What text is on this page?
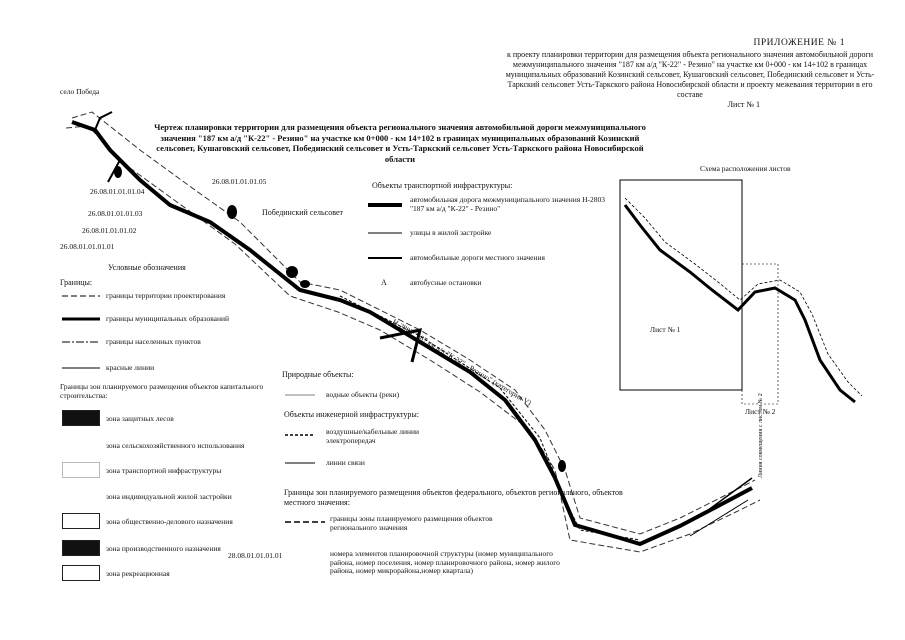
ПРИЛОЖЕНИЕ № 1
к проекту планировки территории для размещения объекта регионального значения автомобильной дороги межмуниципального значения "187 км а/д "К-22" - Резино" на участке км 0+000 - км 14+102 в границах муниципальных образований Козинский сельсовет, Кушаговский сельсовет, Побединский сельсовет и Усть-Таркский сельсовет Усть-Таркского района Новосибирской области и проекту межевания территории в его составе
Лист № 1
Чертеж планировки территории для размещения объекта регионального значения автомобильной дороги межмуниципального значения "187 км а/д "К-22" - Резино" на участке км 0+000 - км 14+102 в границах муниципальных образований Козинский сельсовет, Кушаговский сельсовет, Побединский сельсовет и Усть-Таркский сельсовет Усть-Таркского района Новосибирской области
село Победа
Побединский сельсовет
Н-2803 "187 км а/д "К-22" - Резино" (категория V)
26.08.01.01.01.05
26.08.01.01.01.04
26.08.01.01.01.03
26.08.01.01.01.02
26.08.01.01.01.01
Линия совмещения с листом № 2
Условные обозначения
Границы:
границы территории проектирования
границы муниципальных образований
границы населенных пунктов
красные линии
Границы зон планируемого размещения объектов капитального строительства:
зона защитных лесов
зона сельскохозяйственного использования
зона транспортной инфраструктуры
зона индивидуальной жилой застройки
зона общественно-делового назначения
зона производственного назначения
зона рекреационная
Объекты транспортной инфраструктуры:
автомобильная дорога межмуниципального значения Н-2803 "187 км а/д "К-22" - Резино"
улицы в жилой застройке
автомобильные дороги местного значения
A	автобусные остановки
Природные объекты:
водные объекты (реки)
Объекты инженерной инфраструктуры:
воздушные/кабельные линии электропередач
линии связи
Границы зон планируемого размещения объектов федерального, объектов регионального, объектов местного значения:
границы зоны планируемого размещения объектов регионального значения
28.08.01.01.01.01	номера элементов планировочной структуры (номер муниципального района, номер поселения, номер планировочного района, номер жилого района, номер микрорайона,номер квартала)
Схема расположения листов
Лист № 1
Лист № 2
